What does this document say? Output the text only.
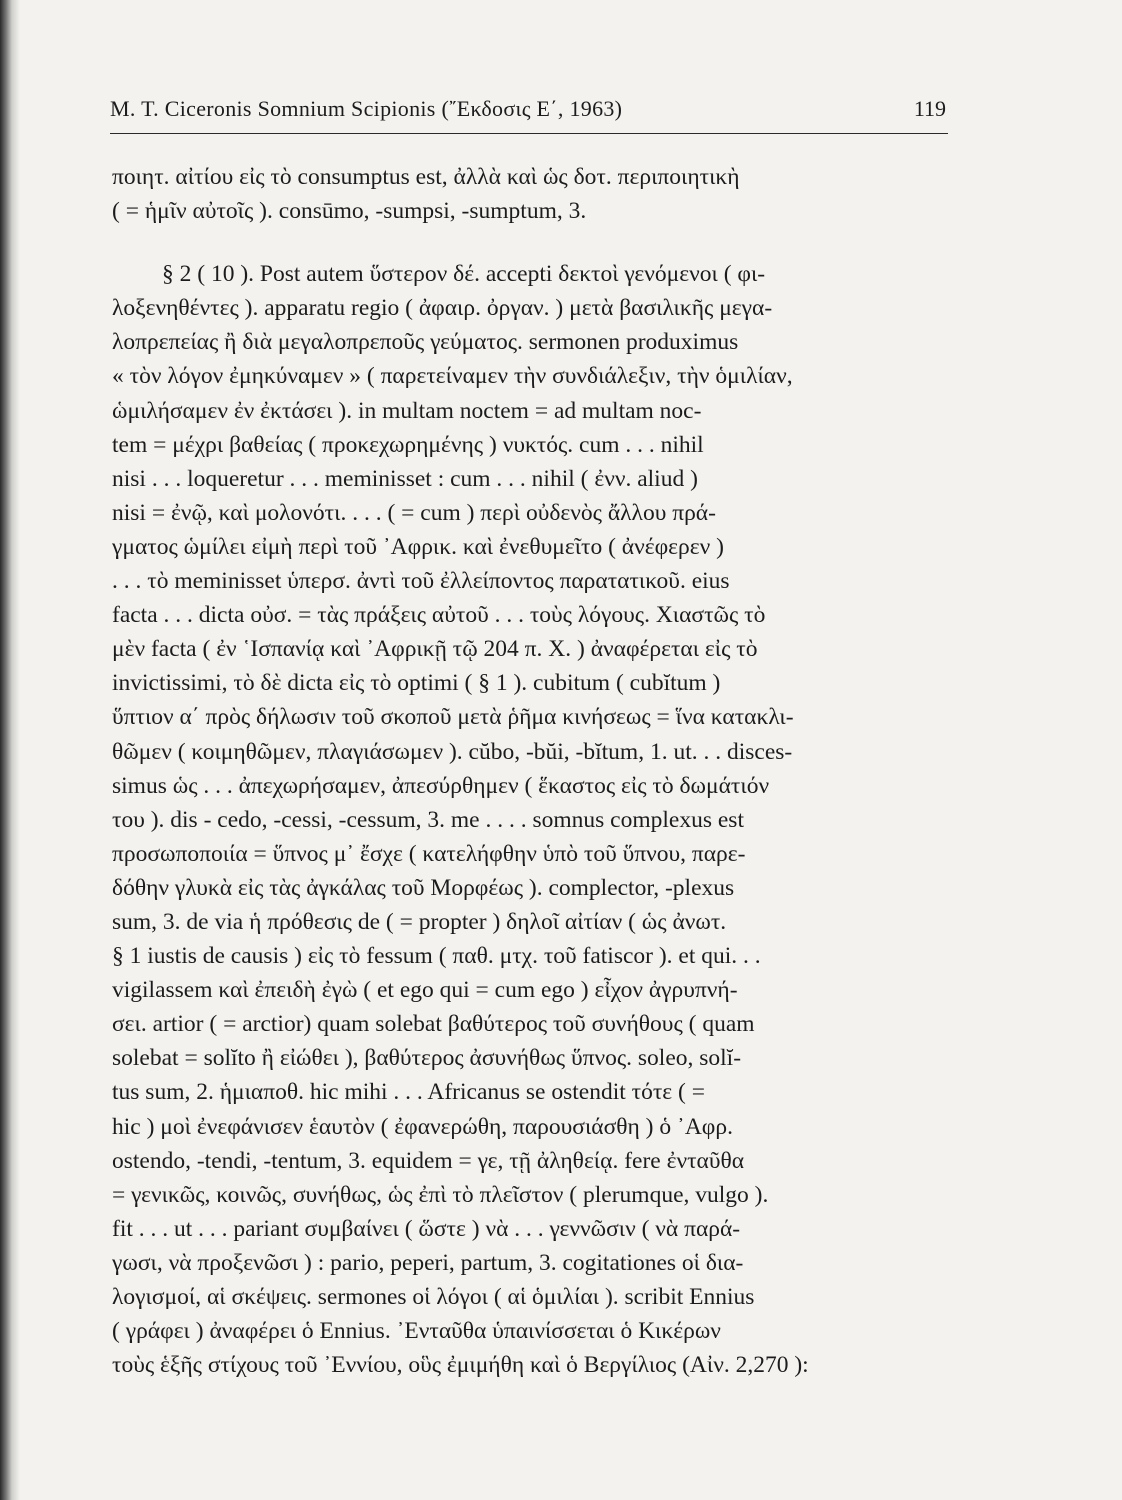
M. T. Ciceronis Somnium Scipionis (῎Εκδοσις Ε΄, 1963)	119
ποιητ. αἰτίου εἰς τὸ consumptus est, ἀλλὰ καὶ ὡς δοτ. περιποιητικὴ
( = ἡμῖν αὐτοῖς ). consūmo, -sumpsi, -sumptum, 3.
§ 2 ( 10 ). Post autem ὕστερον δέ. accepti δεκτοὶ γενόμενοι ( φι-
λοξενηθέντες ). apparatu regio ( ἀφαιρ. ὀργαν. ) μετὰ βασιλικῆς μεγα-
λοπρεπείας ἢ διὰ μεγαλοπρεποῦς γεύματος. sermonen produximus
« τὸν λόγον ἐμηκύναμεν » ( παρετείναμεν τὴν συνδιάλεξιν, τὴν ὁμιλίαν,
ὡμιλήσαμεν ἐν ἐκτάσει ). in multam noctem = ad multam noc-
tem = μέχρι βαθείας ( προκεχωρημένης ) νυκτός. cum . . . nihil
nisi . . . loqueretur . . . meminisset : cum . . . nihil ( ἐνν. aliud )
nisi = ἐνῷ, καὶ μολονότι. . . . ( = cum ) περὶ οὐδενὸς ἄλλου πρά-
γματος ὡμίλει εἰμὴ περὶ τοῦ ᾿Αφρικ. καὶ ἐνεθυμεῖτο ( ἀνέφερεν )
. . . τὸ meminisset ὑπερσ. ἀντὶ τοῦ ἐλλείποντος παρατατικοῦ. eius
facta . . . dicta οὐσ. = τὰς πράξεις αὐτοῦ . . . τοὺς λόγους. Χιαστῶς τὸ
μὲν facta ( ἐν ῾Ισπανίᾳ καὶ ᾿Αφρικῇ τῷ 204 π. Χ. ) ἀναφέρεται εἰς τὸ
invictissimi, τὸ δὲ dicta εἰς τὸ optimi ( § 1 ). cubitum ( cubĭtum )
ὕπτιον α΄ πρὸς δήλωσιν τοῦ σκοποῦ μετὰ ῥῆμα κινήσεως = ἵνα κατακλι-
θῶμεν ( κοιμηθῶμεν, πλαγιάσωμεν ). cŭbo, -bŭi, -bĭtum, 1. ut. . . disces-
simus ὡς . . . ἀπεχωρήσαμεν, ἀπεσύρθημεν ( ἕκαστος εἰς τὸ δωμάτιόν
του ). dis - cedo, -cessi, -cessum, 3. me . . . . somnus complexus est
προσωποποιία = ὕπνος μ᾿ ἔσχε ( κατελήφθην ὑπὸ τοῦ ὕπνου, παρε-
δόθην γλυκὰ εἰς τὰς ἀγκάλας τοῦ Μορφέως ). complector, -plexus
sum, 3. de via ἡ πρόθεσις de ( = propter ) δηλοῖ αἰτίαν ( ὡς ἀνωτ.
§ 1 iustis de causis ) εἰς τὸ fessum ( παθ. μτχ. τοῦ fatiscor ). et qui. . .
vigilassem καὶ ἐπειδὴ ἐγὼ ( et ego qui = cum ego ) εἶχον ἀγρυπνή-
σει. artior ( = arctior) quam solebat βαθύτερος τοῦ συνήθους ( quam
solebat = solĭto ἢ εἰώθει ), βαθύτερος ἀσυνήθως ὕπνος. soleo, solĭ-
tus sum, 2. ἡμιαποθ. hic mihi . . . Africanus se ostendit τότε ( =
hic ) μοὶ ἐνεφάνισεν ἑαυτὸν ( ἐφανερώθη, παρουσιάσθη ) ὁ ᾿Αφρ.
ostendo, -tendi, -tentum, 3. equidem = γε, τῇ ἀληθείᾳ. fere ἐνταῦθα
= γενικῶς, κοινῶς, συνήθως, ὡς ἐπὶ τὸ πλεῖστον ( plerumque, vulgo ).
fit . . . ut . . . pariant συμβαίνει ( ὥστε ) νὰ . . . γεννῶσιν ( νὰ παρά-
γωσι, νὰ προξενῶσι ) : pario, peperi, partum, 3. cogitationes οἱ δια-
λογισμοί, αἱ σκέψεις. sermones οἱ λόγοι ( αἱ ὁμιλίαι ). scribit Ennius
( γράφει ) ἀναφέρει ὁ Ennius. ᾿Ενταῦθα ὑπαινίσσεται ὁ Κικέρων
τοὺς ἑξῆς στίχους τοῦ ᾿Εννίου, οὓς ἐμιμήθη καὶ ὁ Βεργίλιος (Αἰν. 2,270 ):
